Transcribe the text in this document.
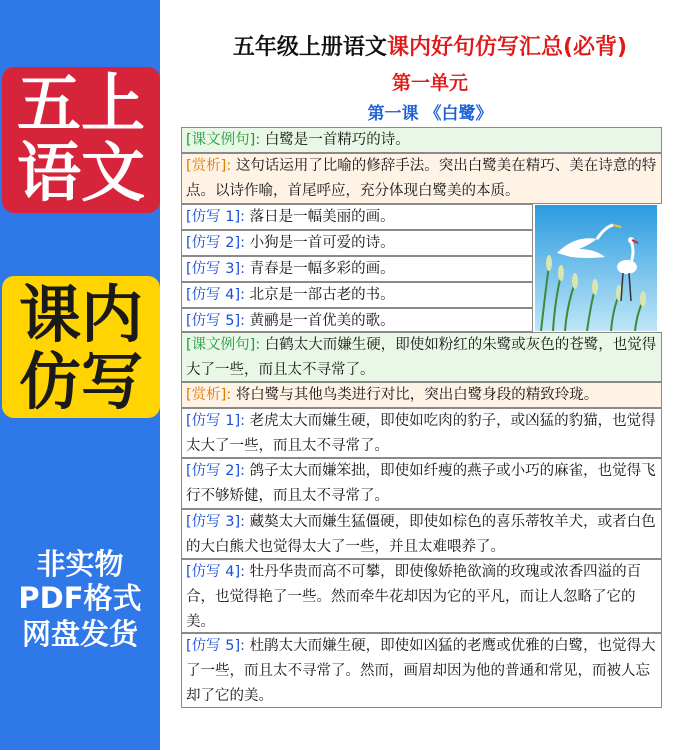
五上
语文
课内
仿写
非实物
PDF格式
网盘发货
五年级上册语文课内好句仿写汇总(必背)
第一单元
第一课 《白鹭》
[课文例句]: 白鹭是一首精巧的诗。
[赏析]: 这句话运用了比喻的修辞手法。突出白鹭美在精巧、美在诗意的特点。以诗作喻，首尾呼应，充分体现白鹭美的本质。
[仿写 1]: 落日是一幅美丽的画。
[仿写 2]: 小狗是一首可爱的诗。
[仿写 3]: 青春是一幅多彩的画。
[仿写 4]: 北京是一部古老的书。
[仿写 5]: 黄鹂是一首优美的歌。
[课文例句]: 白鹤太大而嫌生硬，即使如粉红的朱鹭或灰色的苍鹭，也觉得大了一些，而且太不寻常了。
[赏析]: 将白鹭与其他鸟类进行对比，突出白鹭身段的精致玲珑。
[仿写 1]: 老虎太大而嫌生硬，即使如吃肉的豹子，或凶猛的豹猫，也觉得太大了一些，而且太不寻常了。
[仿写 2]: 鸽子太大而嫌笨拙，即使如纤瘦的燕子或小巧的麻雀，也觉得飞行不够矫健，而且太不寻常了。
[仿写 3]: 藏獒太大而嫌生猛僵硬，即使如棕色的喜乐蒂牧羊犬，或者白色的大白熊犬也觉得太大了一些，并且太难喂养了。
[仿写 4]: 牡丹华贵而高不可攀，即使像娇艳欲滴的玫瑰或浓香四溢的百合，也觉得艳了一些。然而牵牛花却因为它的平凡，而让人忽略了它的美。
[仿写 5]: 杜鹃太大而嫌生硬，即使如凶猛的老鹰或优雅的白鹭，也觉得大了一些，而且太不寻常了。然而，画眉却因为他的普通和常见，而被人忘却了它的美。
